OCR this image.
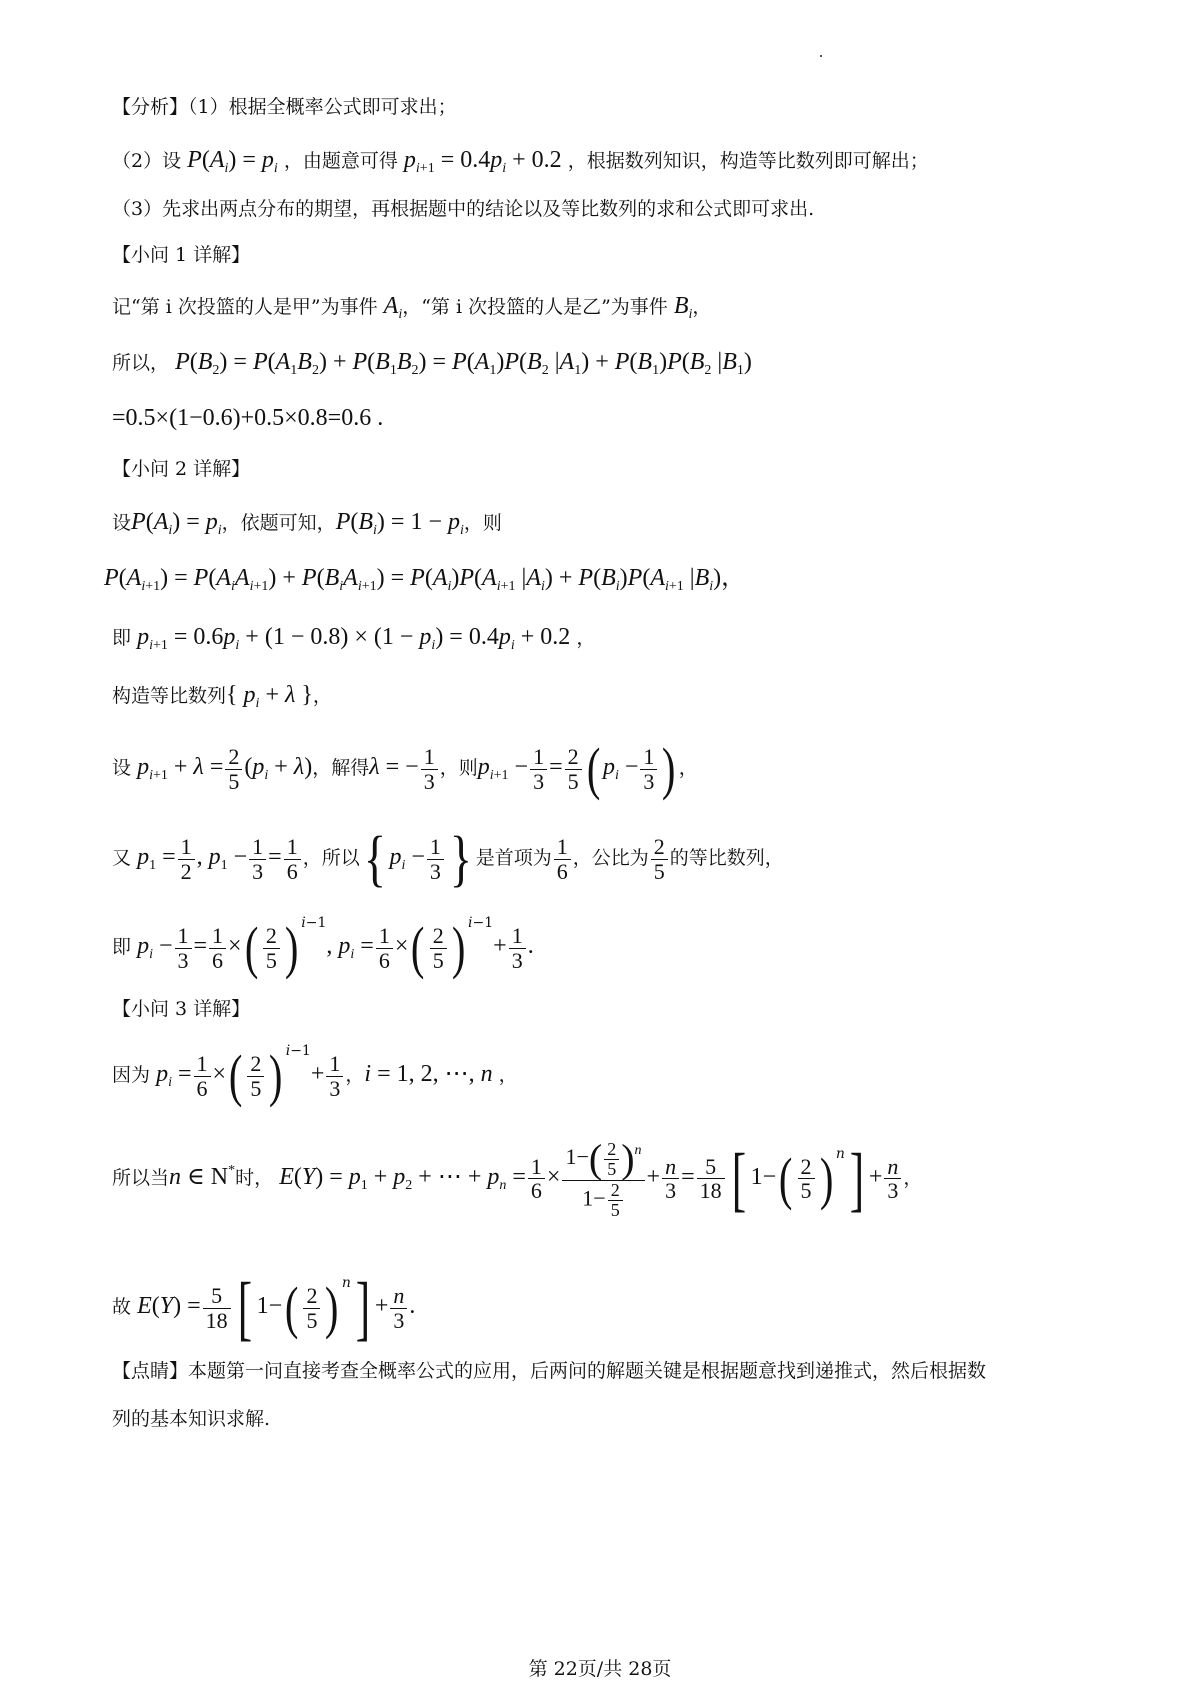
【分析】（1）根据全概率公式即可求出；
（2）设 $P(A_i) = p_i$ ，由题意可得 $p_{i+1} = 0.4p_i + 0.2$ ，根据数列知识，构造等比数列即可解出；
（3）先求出两点分布的期望，再根据题中的结论以及等比数列的求和公式即可求出.
【小问 1 详解】
记“第 i 次投篮的人是甲”为事件 $A_i$，“第 i 次投篮的人是乙”为事件 $B_i$，
所以， $P(B_2) = P(A_1B_2) + P(B_1B_2) = P(A_1)P(B_2$ $|A_1) + P(B_1)P(B_2$ $|B_1$)
=0.5×(1−0.6)+0.5×0.8=0.6 .
【小问 2 详解】
设$P(A_i) = p_i$，依题可知，$P(B_i) = 1 - p_i$，则
$P(A_{i+1}) = P(A_iA_{i+1}) + P(B_iA_{i+1}) = P(A_i)P(A_{i+1}$ $|A_i) + P(B_i)P(A_{i+1}$ $|B_i$)，
即 $p_{i+1} = 0.6p_i + (1 - 0.8) \times (1 - p_i) = 0.4p_i + 0.2$ ，
构造等比数列{ $p_i + \lambda$ }，
设 $p_{i+1} + \lambda = \frac{2}{5} (p_i + \lambda)$，解得λ = − $\frac{1}{3}$ ，则$p_{i+1} - \frac{1}{3} = \frac{2}{5}$ ( $p_i - \frac{1}{3}$ ) ，
又 $p_1 = \frac{1}{2}$ , $p_1 - \frac{1}{3} = \frac{1}{6}$ ，所以{ $p_i - \frac{1}{3}$ } 是首项为 $\frac{1}{6}$ ，公比为 $\frac{2}{5}$ 的等比数列，
即 $p_i - \frac{1}{3} = \frac{1}{6}$ ×( $\frac{2}{5}$ ) $^{i-1}$, $p_i = \frac{1}{6}$ ×( $\frac{2}{5}$ ) $^{i-1}+ \frac{1}{3}$ .
【小问 3 详解】
因为 $p_i = \frac{1}{6}$ ×( $\frac{2}{5}$ ) $^{i-1}+ \frac{1}{3}$ ，i = 1, 2, ⋯, n ，
所以当n ∈ N*时， $E(Y) = p_1 + p_2$ + ⋯ + $p_n = \frac{1}{6} \times \frac{1-( \frac{2}{5} )^n}{1- \frac{2}{5}} + \frac{n}{3} = \frac{5}{18}$ [ $1-( \frac{2}{5}$ ) $^n] + \frac{n}{3}$ ，
故 $E(Y) = \frac{5}{18}$ [ $1-( \frac{2}{5}$ ) $^n] + \frac{n}{3}$ .
【点睛】本题第一问直接考查全概率公式的应用，后两问的解题关键是根据题意找到递推式，然后根据数
列的基本知识求解.
第 22页/共 28页
